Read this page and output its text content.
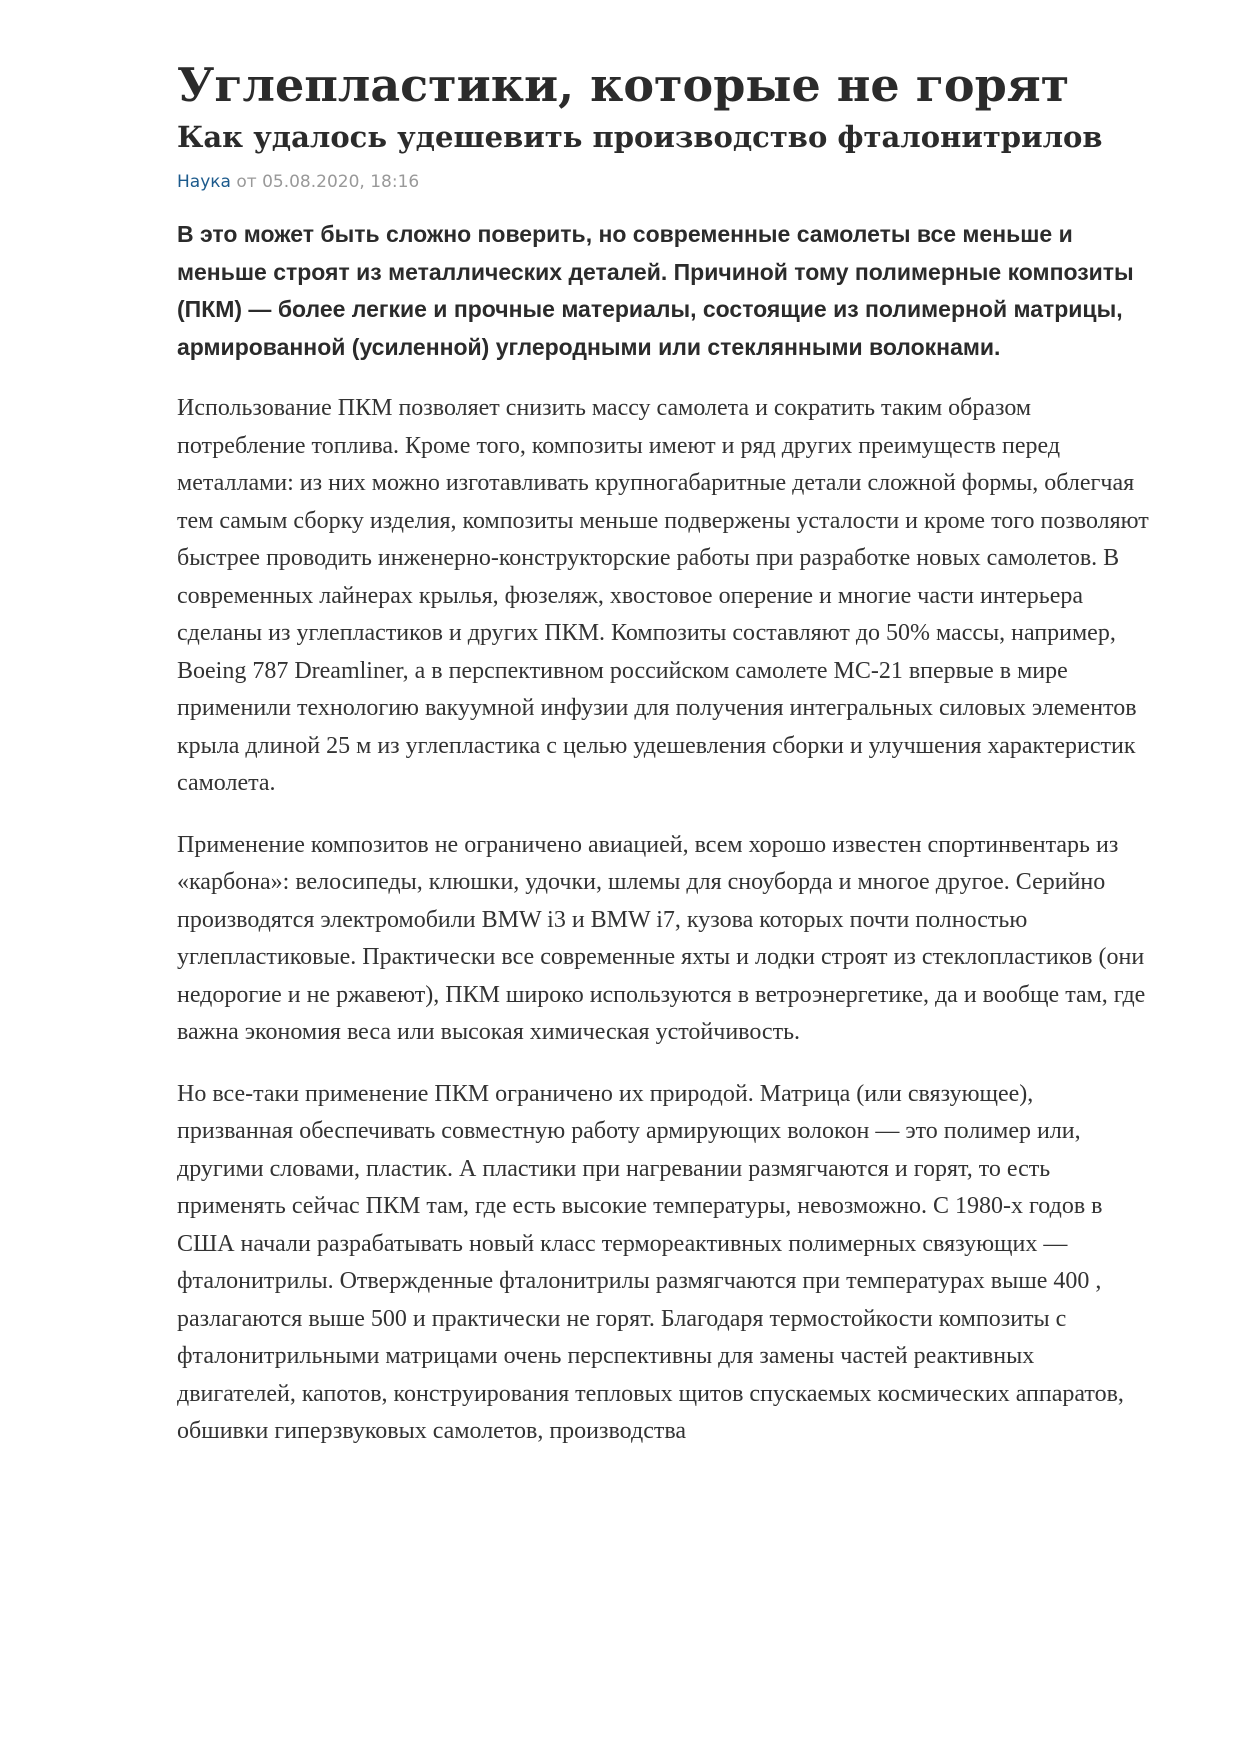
Углепластики, которые не горят
Как удалось удешевить производство фталонитрилов
Наука от 05.08.2020, 18:16

В это может быть сложно поверить, но современные самолеты все меньше и меньше строят из металлических деталей. Причиной тому полимерные композиты (ПКМ) — более легкие и прочные материалы, состоящие из полимерной матрицы, армированной (усиленной) углеродными или стеклянными волокнами.

Использование ПКМ позволяет снизить массу самолета и сократить таким образом потребление топлива. Кроме того, композиты имеют и ряд других преимуществ перед металлами: из них можно изготавливать крупногабаритные детали сложной формы, облегчая тем самым сборку изделия, композиты меньше подвержены усталости и кроме того позволяют быстрее проводить инженерно-конструкторские работы при разработке новых самолетов. В современных лайнерах крылья, фюзеляж, хвостовое оперение и многие части интерьера сделаны из углепластиков и других ПКМ. Композиты составляют до 50% массы, например, Boeing 787 Dreamliner, а в перспективном российском самолете МС-21 впервые в мире применили технологию вакуумной инфузии для получения интегральных силовых элементов крыла длиной 25 м из углепластика с целью удешевления сборки и улучшения характеристик самолета.

Применение композитов не ограничено авиацией, всем хорошо известен спортинвентарь из «карбона»: велосипеды, клюшки, удочки, шлемы для сноуборда и многое другое. Серийно производятся электромобили BMW i3 и BMW i7, кузова которых почти полностью углепластиковые. Практически все современные яхты и лодки строят из стеклопластиков (они недорогие и не ржавеют), ПКМ широко используются в ветроэнергетике, да и вообще там, где важна экономия веса или высокая химическая устойчивость.

Но все-таки применение ПКМ ограничено их природой. Матрица (или связующее), призванная обеспечивать совместную работу армирующих волокон — это полимер или, другими словами, пластик. А пластики при нагревании размягчаются и горят, то есть применять сейчас ПКМ там, где есть высокие температуры, невозможно. С 1980-х годов в США начали разрабатывать новый класс термореактивных полимерных связующих — фталонитрилы. Отвержденные фталонитрилы размягчаются при температурах выше 400 , разлагаются выше 500 и практически не горят. Благодаря термостойкости композиты с фталонитрильными матрицами очень перспективны для замены частей реактивных двигателей, капотов, конструирования тепловых щитов спускаемых космических аппаратов, обшивки гиперзвуковых самолетов, производства
